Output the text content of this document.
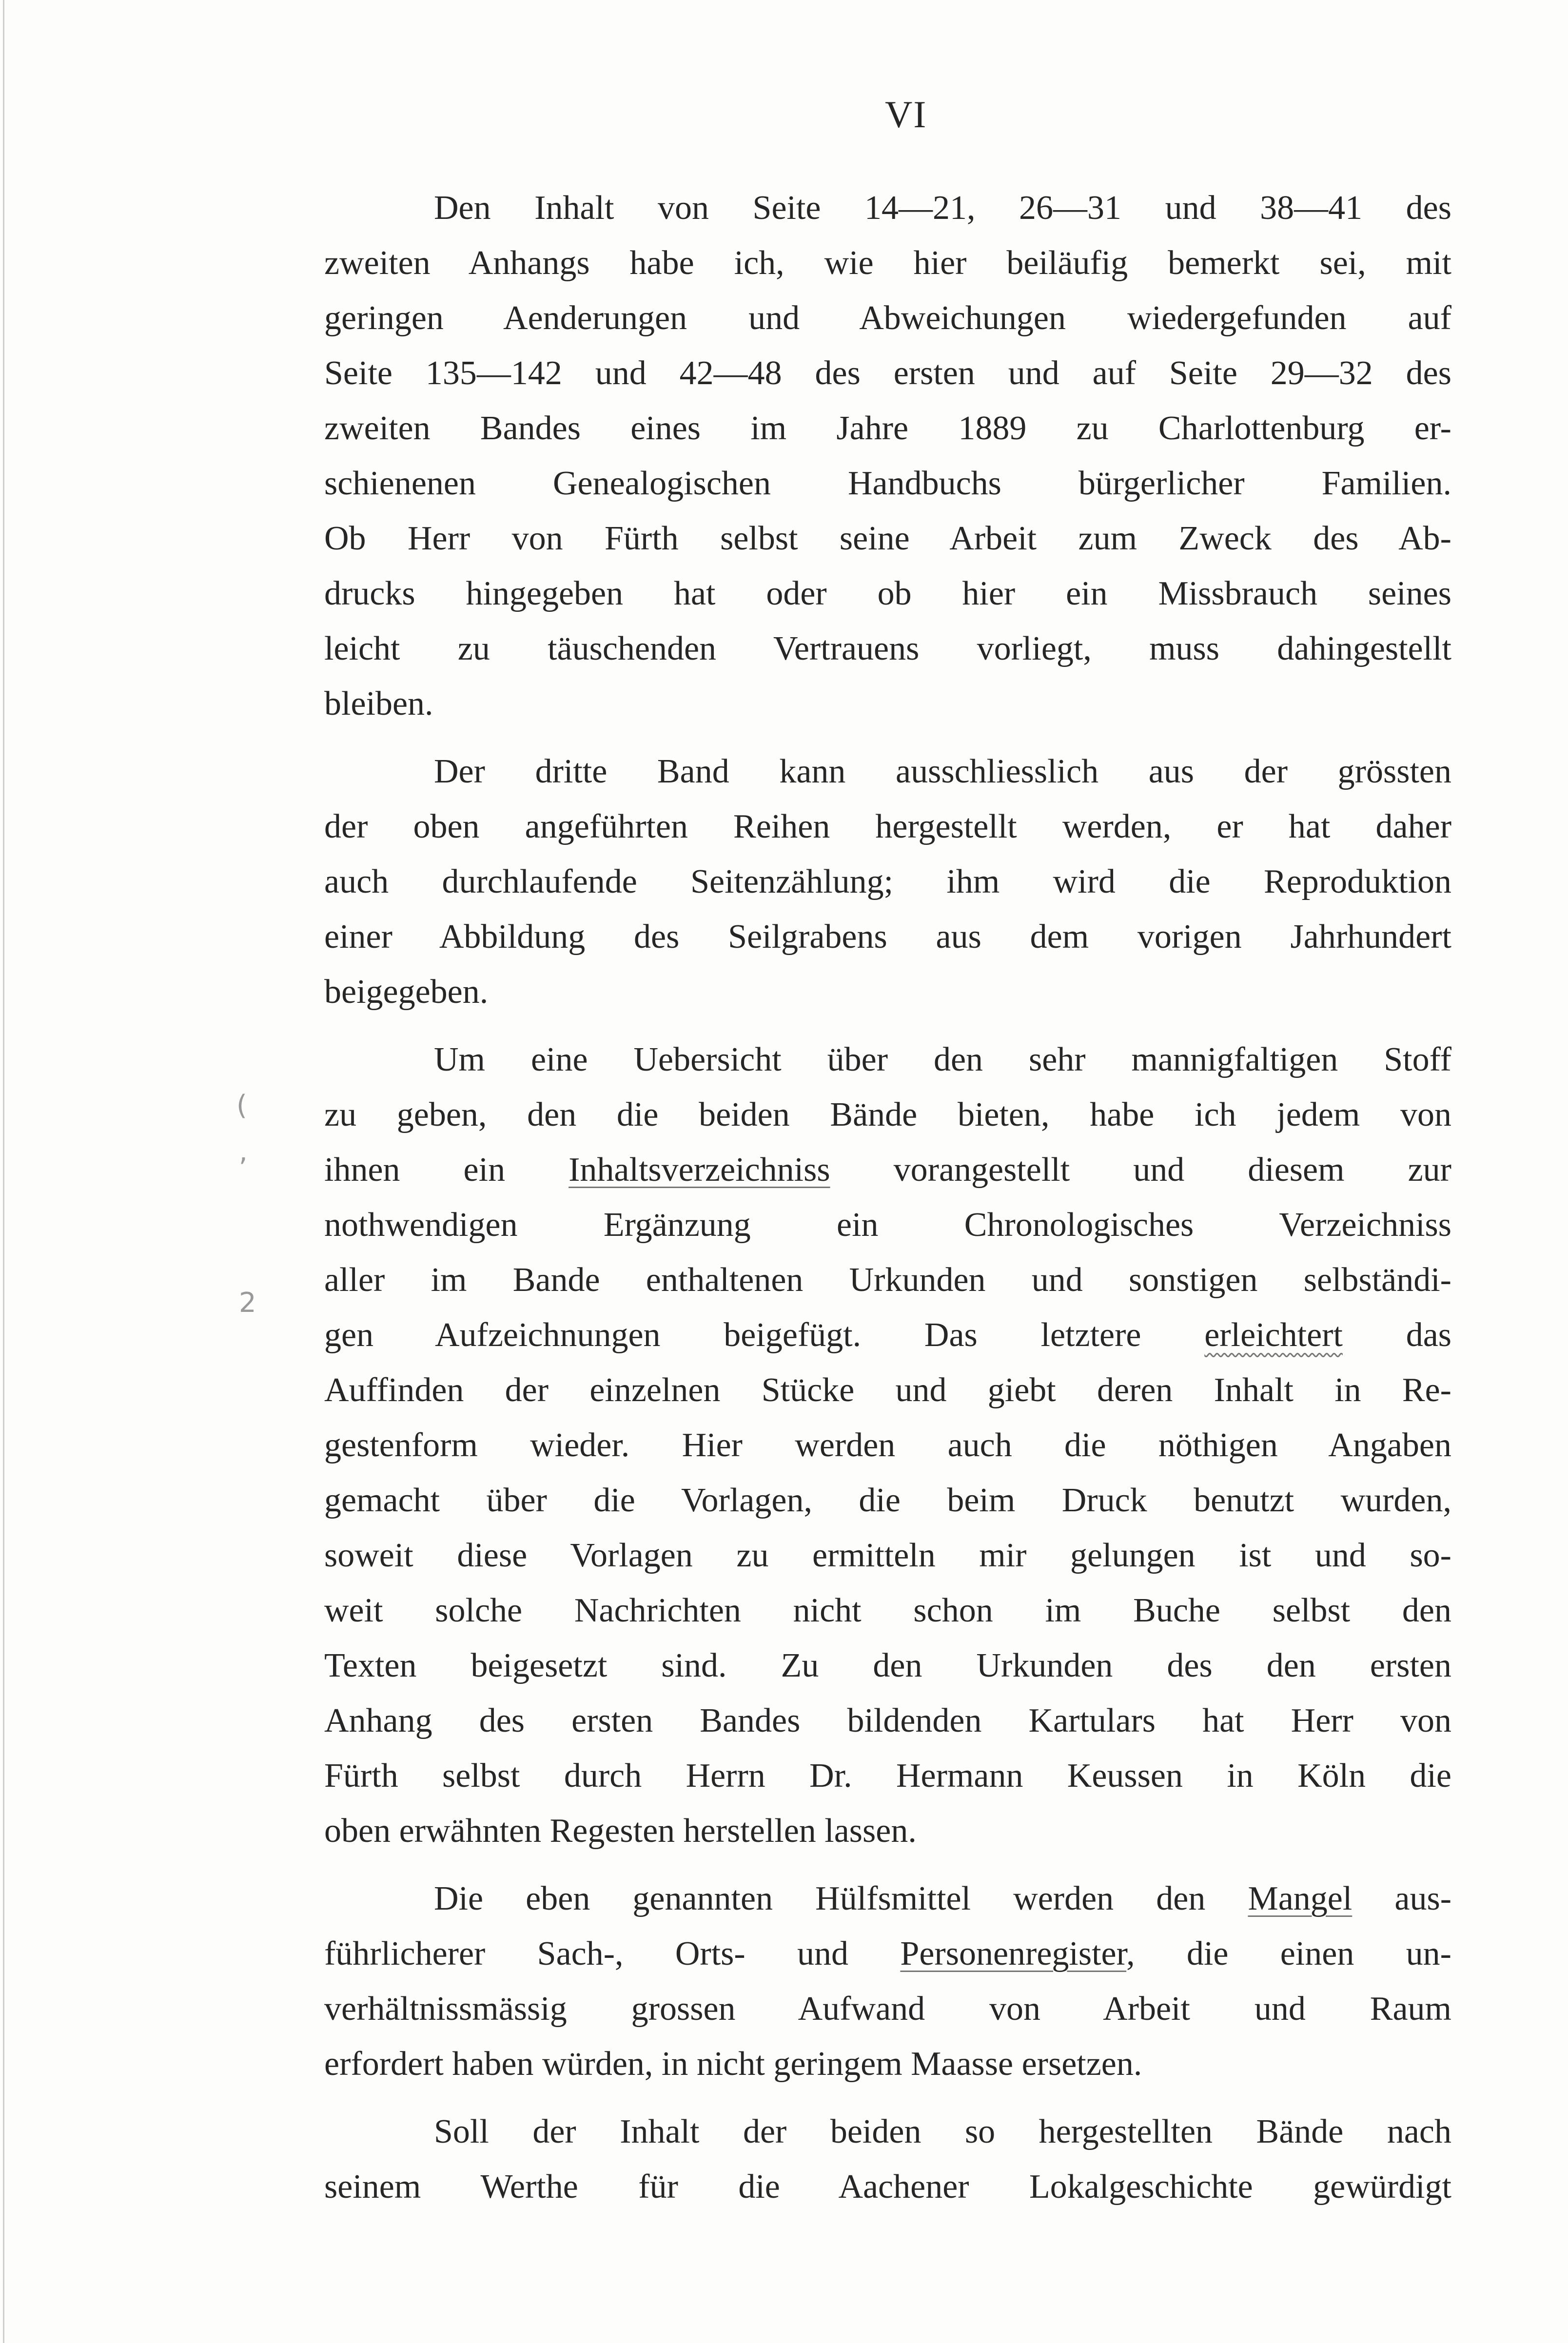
VI
Den Inhalt von Seite 14—21, 26—31 und 38—41 des
zweiten Anhangs habe ich, wie hier beiläufig bemerkt sei, mit
geringen Aenderungen und Abweichungen wiedergefunden auf
Seite 135—142 und 42—48 des ersten und auf Seite 29—32 des
zweiten Bandes eines im Jahre 1889 zu Charlottenburg er-
schienenen Genealogischen Handbuchs bürgerlicher Familien.
Ob Herr von Fürth selbst seine Arbeit zum Zweck des Ab-
drucks hingegeben hat oder ob hier ein Missbrauch seines
leicht zu täuschenden Vertrauens vorliegt, muss dahingestellt
bleiben.
Der dritte Band kann ausschliesslich aus der grössten
der oben angeführten Reihen hergestellt werden, er hat daher
auch durchlaufende Seitenzählung; ihm wird die Reproduktion
einer Abbildung des Seilgrabens aus dem vorigen Jahrhundert
beigegeben.
Um eine Uebersicht über den sehr mannigfaltigen Stoff
zu geben, den die beiden Bände bieten, habe ich jedem von
ihnen ein Inhaltsverzeichniss vorangestellt und diesem zur
nothwendigen Ergänzung ein Chronologisches Verzeichniss
aller im Bande enthaltenen Urkunden und sonstigen selbständi-
gen Aufzeichnungen beigefügt. Das letztere erleichtert das
Auffinden der einzelnen Stücke und giebt deren Inhalt in Re-
gestenform wieder. Hier werden auch die nöthigen Angaben
gemacht über die Vorlagen, die beim Druck benutzt wurden,
soweit diese Vorlagen zu ermitteln mir gelungen ist und so-
weit solche Nachrichten nicht schon im Buche selbst den
Texten beigesetzt sind. Zu den Urkunden des den ersten
Anhang des ersten Bandes bildenden Kartulars hat Herr von
Fürth selbst durch Herrn Dr. Hermann Keussen in Köln die
oben erwähnten Regesten herstellen lassen.
Die eben genannten Hülfsmittel werden den Mangel aus-
führlicherer Sach-, Orts- und Personenregister, die einen un-
verhältnissmässig grossen Aufwand von Arbeit und Raum
erfordert haben würden, in nicht geringem Maasse ersetzen.
Soll der Inhalt der beiden so hergestellten Bände nach
seinem Werthe für die Aachener Lokalgeschichte gewürdigt
(
,
2
